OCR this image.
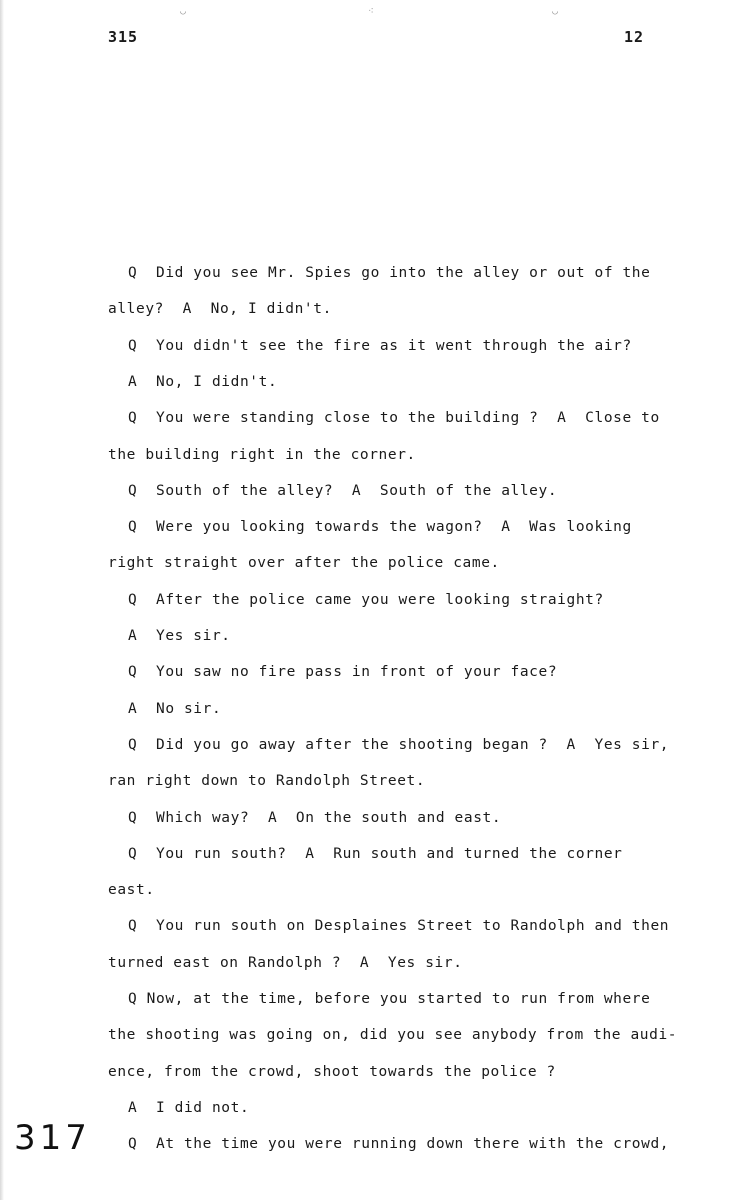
◡	⁖	◡
315	12
Q  Did you see Mr. Spies go into the alley or out of the
alley?  A  No, I didn't.
Q  You didn't see the fire as it went through the air?
A  No, I didn't.
Q  You were standing close to the building ?  A  Close to
the building right in the corner.
Q  South of the alley?  A  South of the alley.
Q  Were you looking towards the wagon?  A  Was looking
right straight over after the police came.
Q  After the police came you were looking straight?
A  Yes sir.
Q  You saw no fire pass in front of your face?
A  No sir.
Q  Did you go away after the shooting began ?  A  Yes sir,
ran right down to Randolph Street.
Q  Which way?  A  On the south and east.
Q  You run south?  A  Run south and turned the corner
east.
Q  You run south on Desplaines Street to Randolph and then
turned east on Randolph ?  A  Yes sir.
Q Now, at the time, before you started to run from where
the shooting was going on, did you see anybody from the audi-
ence, from the crowd, shoot towards the police ?
A  I did not.
Q  At the time you were running down there with the crowd,
317
